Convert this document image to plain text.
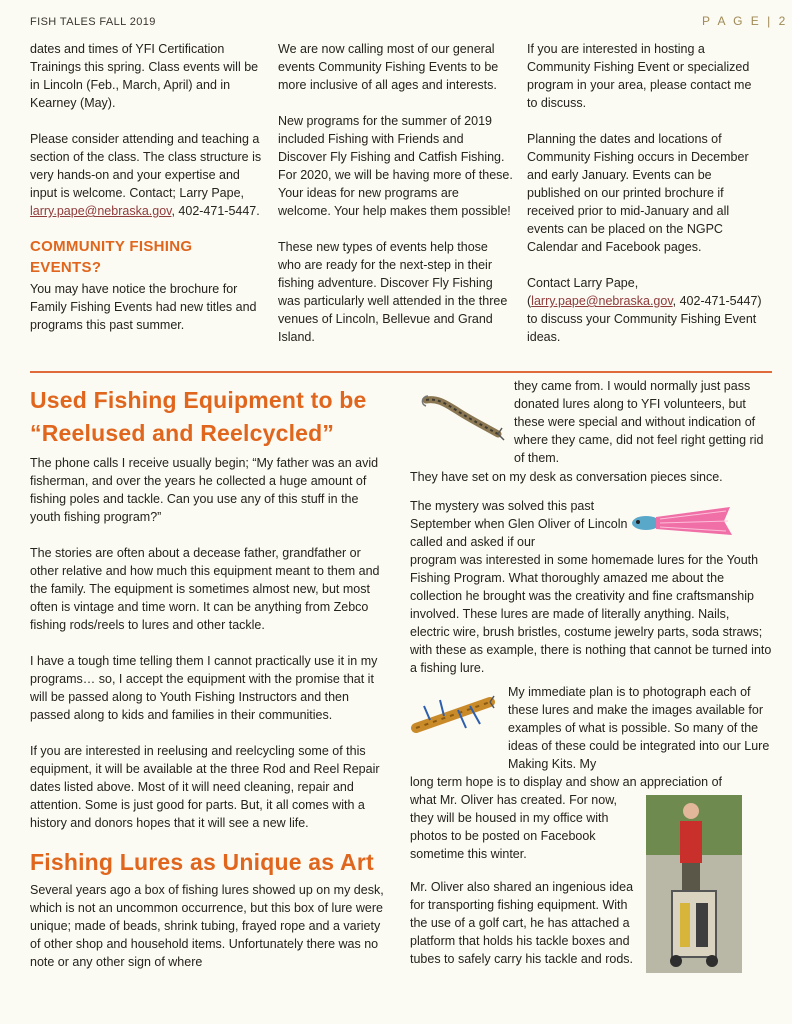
FISH TALES FALL 2019	P A G E | 2

dates and times of YFI Certification Trainings this spring. Class events will be in Lincoln (Feb., March, April) and in Kearney (May).

Please consider attending and teaching a section of the class. The class structure is very hands-on and your expertise and input is welcome. Contact; Larry Pape, larry.pape@nebraska.gov, 402-471-5447.

COMMUNITY FISHING EVENTS?

You may have notice the brochure for Family Fishing Events had new titles and programs this past summer.

We are now calling most of our general events Community Fishing Events to be more inclusive of all ages and interests.

New programs for the summer of 2019 included Fishing with Friends and Discover Fly Fishing and Catfish Fishing. For 2020, we will be having more of these. Your ideas for new programs are welcome. Your help makes them possible!

These new types of events help those who are ready for the next-step in their fishing adventure. Discover Fly Fishing was particularly well attended in the three venues of Lincoln, Bellevue and Grand Island.

If you are interested in hosting a Community Fishing Event or specialized program in your area, please contact me to discuss.

Planning the dates and locations of Community Fishing occurs in December and early January. Events can be published on our printed brochure if received prior to mid-January and all events can be placed on the NGPC Calendar and Facebook pages.

Contact Larry Pape, (larry.pape@nebraska.gov, 402-471-5447) to discuss your Community Fishing Event ideas.

Used Fishing Equipment to be “Reelused and Reelcycled”

The phone calls I receive usually begin; “My father was an avid fisherman, and over the years he collected a huge amount of fishing poles and tackle. Can you use any of this stuff in the youth fishing program?”

The stories are often about a decease father, grandfather or other relative and how much this equipment meant to them and the family. The equipment is sometimes almost new, but most often is vintage and time worn. It can be anything from Zebco fishing rods/reels to lures and other tackle.

I have a tough time telling them I cannot practically use it in my programs… so, I accept the equipment with the promise that it will be passed along to Youth Fishing Instructors and then passed along to kids and families in their communities.

If you are interested in reelusing and reelcycling some of this equipment, it will be available at the three Rod and Reel Repair dates listed above. Most of it will need cleaning, repair and attention. Some is just good for parts. But, it all comes with a history and donors hopes that it will see a new life.

Fishing Lures as Unique as Art

Several years ago a box of fishing lures showed up on my desk, which is not an uncommon occurrence, but this box of lure were unique; made of beads, shrink tubing, frayed rope and a variety of other shop and household items. Unfortunately there was no note or any other sign of where

they came from. I would normally just pass donated lures along to YFI volunteers, but these were special and without indication of where they came, did not feel right getting rid of them.

They have set on my desk as conversation pieces since.

The mystery was solved this past September when Glen Oliver of Lincoln called and asked if our

program was interested in some homemade lures for the Youth Fishing Program. What thoroughly amazed me about the collection he brought was the creativity and fine craftsmanship involved. These lures are made of literally anything. Nails, electric wire, brush bristles, costume jewelry parts, soda straws; with these as example, there is nothing that cannot be turned into a fishing lure.

My immediate plan is to photograph each of these lures and make the images available for examples of what is possible. So many of the ideas of these could be integrated into our Lure Making Kits. My

long term hope is to display and show an appreciation of

what Mr. Oliver has created. For now, they will be housed in my office with photos to be posted on Facebook sometime this winter.

Mr. Oliver also shared an ingenious idea for transporting fishing equipment. With the use of a golf cart, he has attached a platform that holds his tackle boxes and tubes to safely carry his tackle and rods.
